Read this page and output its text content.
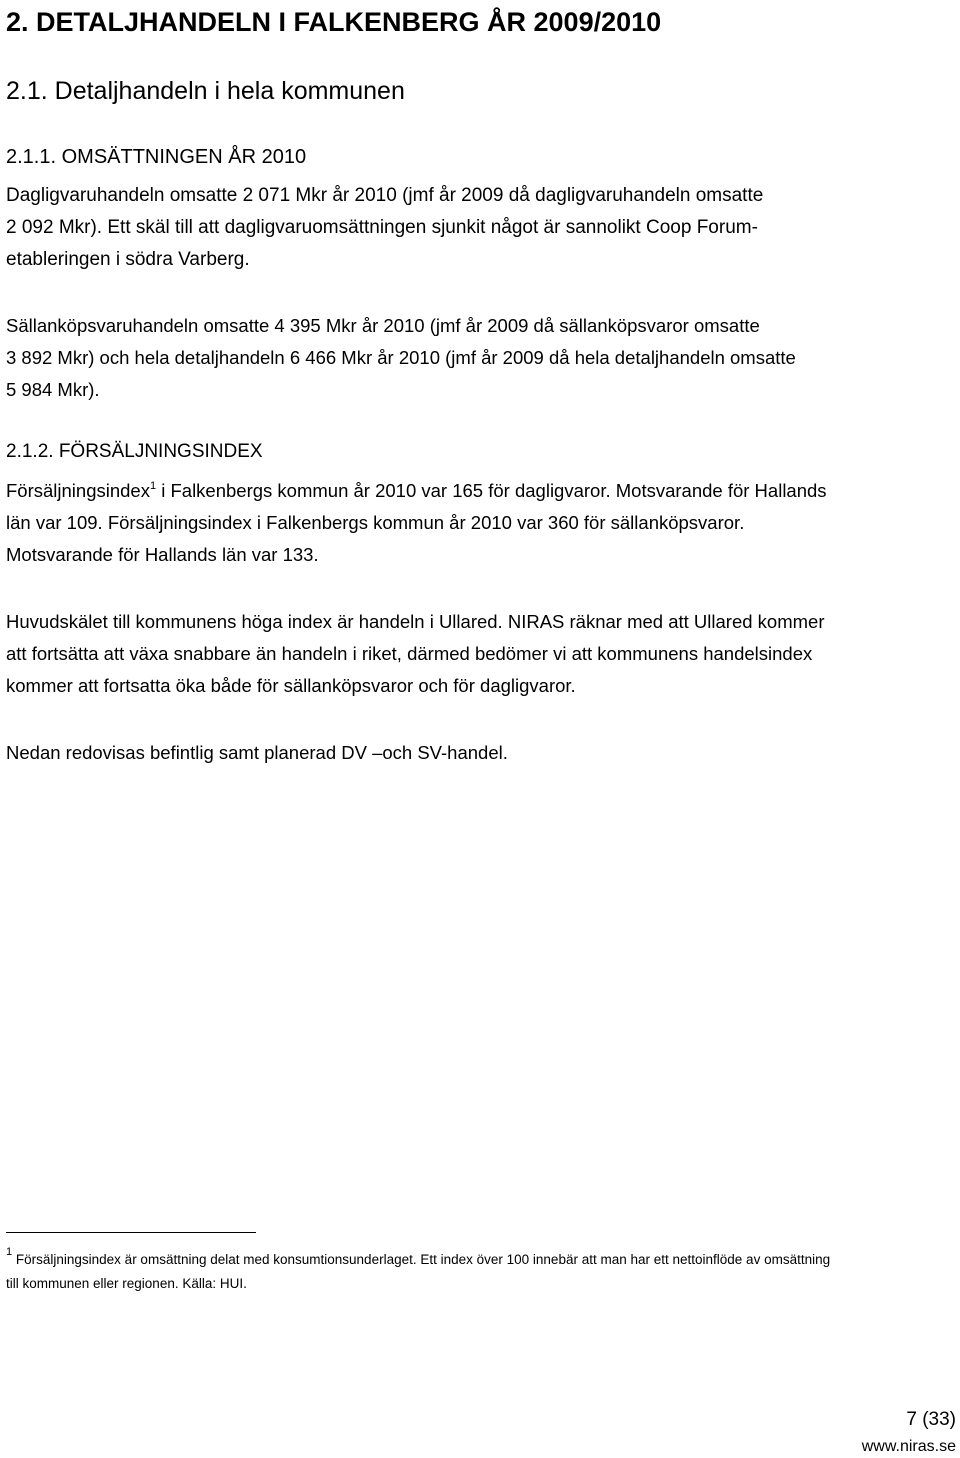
2. DETALJHANDELN I FALKENBERG ÅR 2009/2010
2.1. Detaljhandeln i hela kommunen
2.1.1. OMSÄTTNINGEN ÅR 2010
Dagligvaruhandeln omsatte 2 071 Mkr år 2010 (jmf år 2009 då dagligvaruhandeln omsatte
2 092 Mkr). Ett skäl till att dagligvaruomsättningen sjunkit något är sannolikt Coop Forum-
etableringen i södra Varberg.
Sällanköpsvaruhandeln omsatte 4 395 Mkr år 2010 (jmf år 2009 då sällanköpsvaror omsatte
3 892 Mkr) och hela detaljhandeln 6 466 Mkr år 2010 (jmf år 2009 då hela detaljhandeln omsatte
5 984 Mkr).
2.1.2. FÖRSÄLJNINGSINDEX
Försäljningsindex$^1$ i Falkenbergs kommun år 2010 var 165 för dagligvaror. Motsvarande för Hallands
län var 109. Försäljningsindex i Falkenbergs kommun år 2010 var 360 för sällanköpsvaror.
Motsvarande för Hallands län var 133.
Huvudskälet till kommunens höga index är handeln i Ullared. NIRAS räknar med att Ullared kommer
att fortsätta att växa snabbare än handeln i riket, därmed bedömer vi att kommunens handelsindex
kommer att fortsatta öka både för sällanköpsvaror och för dagligvaror.
Nedan redovisas befintlig samt planerad DV –och SV-handel.
$^1$ Försäljningsindex är omsättning delat med konsumtionsunderlaget. Ett index över 100 innebär att man har ett nettoinflöde av omsättning
till kommunen eller regionen. Källa: HUI.
7 (33)
www.niras.se
